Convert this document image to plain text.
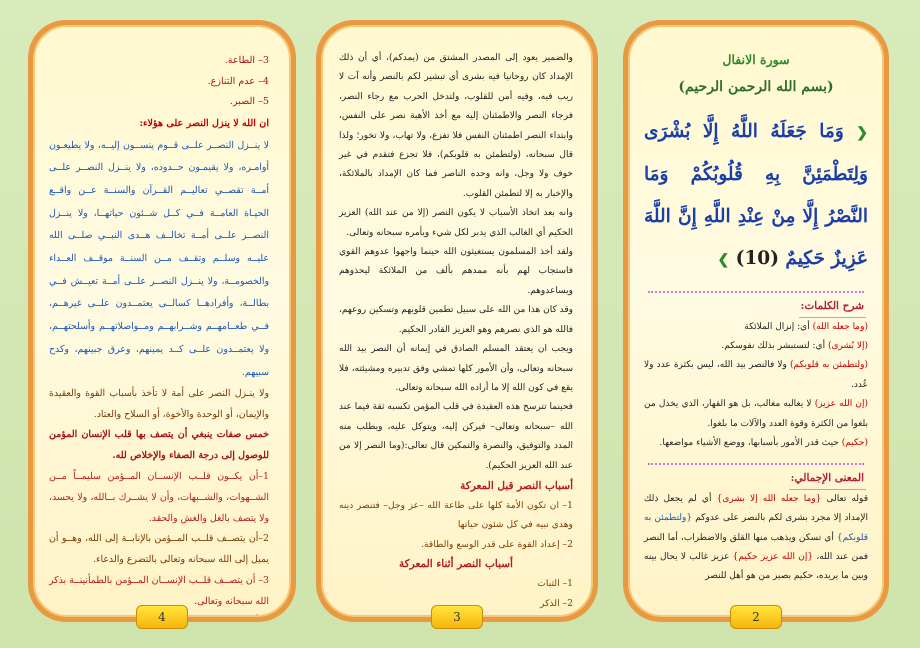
3– الطاعة.

4– عدم التنازع.

5– الصبر.

ان الله لا ينزل النصر على هؤلاء:

لا ينــزل النصــر علــى قــوم ينســون إليــه، ولا يطيعـون أوامـره، ولا يقيمـون حــدوده، ولا ينــزل النصــر علــى أمــة تقصــي تعاليــم القــرآن والسنــة عــن واقــع الحيـاة العامــة فــي كــل شــئون حياتهــا، ولا ينــزل النصــر علــى أمــة تخالــف هــدى النبــي صلــى الله عليــه وسلــم وتقــف مــن السنــة موقــف العــداء والخصومــة، ولا ينــزل النصــر علــى أمــة تعيــش فــي بطالــة، وأفرادهــا كسالــى يعتمــدون علــى غيرهــم، فــي طعــامهــم وشــرابهــم ومــواصلاتهــم وأسلحتهــم، ولا يعتمــدون علــى كــد يمينهم، وعرق جبينهم، وكدح سبيهم.

ولا ينـزل النصر على أمة لا تأخذ بأسباب القوة والعقيدة والإيمان، أو الوحدة والأخوة، أو السلاح والعتاد.

خمس صفات ينبغي أن يتصف بها قلب الإنسان المؤمن للوصول إلى درجة الصفاء والإخلاص لله.

1–أن يكــون قلــب الإنســان المــؤمن سليمــاً مــن الشــهوات، والشــبهات، وأن لا يشــرك بــالله، ولا يحسد، ولا يتصف بالغل والغش والحقد.

2–أن يتصــف قلــب المــؤمن بالإنابــة إلى الله، وهــو أن يميل إلى الله سبحانه وتعالى بالتضرع والدعاء.

3– أن يتصــف قلــب الإنســان المــؤمن بالطمأنينــة بذكر الله سبحانه وتعالى.

4

والضمير يعود إلى المصدر المشتق من (يمدكم)، أي أن ذلك الإمداد كان روحانيا فيه بشرى أي تبشير لكم بالنصر وأنه آت لا ريب فيه، وفيه أمن للقلوب، ولتدخل الحرب مع رجاء النصر، فرجاء النصر والاطمئنان إليه مع أخذ الأهبة نصر على النفس، وابتداء النصر اطمئنان النفس فلا تفزع، ولا تهاب، ولا تخور؛ ولذا قال سبحانه، (ولتطمئن به قلوبكم)، فلا تجزع فتقدم في غير خوف ولا وجل، وانه وحده الناصر فما كان الإمداد بالملائكة، والإخبار به إلا لتطمئن القلوب.

وانه بعد اتخاذ الأسباب لا يكون النصر (إلا من عند الله) العزيز الحكيم أي الغالب الذي يدبر لكل شيء ويأمره سبحانه وتعالى.

ولقد أخذ المسلمون يستغيثون الله حينما واجهوا عدوهم القوي فاستجاب لهم بأنه ممدهم بألف من الملائكة ليحذوهم ويساعدوهم.

وقد كان هذا من الله على سبيل تطمين قلوبهم وتسكين روعهم، فالله هو الذي نصرهم وهو العزيز القادر الحكيم.

ويجب ان يعتقد المسلم الصادق في إيمانه أن النصر بيد الله سبحانه وتعالى، وأن الأمور كلها تمشي وفق تدبيره ومشيئته، فلا يقع في كون الله إلا ما أراده الله سبحانه وتعالى.

فحينما تترسخ هذه العقيدة في قلب المؤمن تكسبه ثقة فيما عند الله –سبحانه وتعالى– فيركن إليه، ويتوكل عليه، ويطلب منه المدد والتوفيق، والنصرة والتمكين قال تعالى:(وما النصر إلا من عند الله العزيز الحكيم).

أسباب النصر قبل المعركة

1– ان تكون الأمة كلها على طاعة الله –عز وجل– فتنصر دينه وهدي نبيه في كل شئون حياتها

2– إعداد القوة على قدر الوسع والطاقة.

أسباب النصر أثناء المعركة

1– الثبات

2– الذكر

3
سورة الانفال
(بسم الله الرحمن الرحيم)
❮ وَمَا جَعَلَهُ اللَّهُ إِلَّا بُشْرَى وَلِتَطْمَئِنَّ بِهِ قُلُوبُكُمْ وَمَا النَّصْرُ إِلَّا مِنْ عِنْدِ اللَّهِ إِنَّ اللَّهَ عَزِيزٌ حَكِيمٌ (10) ❯
شرح الكلمات:
(وما جعله الله) أي: إنزال الملائكة
(إلا بُشرى) أي: لتستبشر بذلك نفوسكم.
(ولتطمئن به قلوبكم) ولا فالنصر بيد الله، ليس بكثرة عدد ولا عُدد.
(إن الله عزيز) لا يغالبه مغالب، بل هو القهار، الذي يخذل من بلغوا من الكثرة وقوة العدد والآلات ما بلغوا.
(حكيم) حيث قدر الأمور بأسبابها، ووضع الأشياء مواضعها.
المعنى الإجمالي:
قوله تعالى {وما جعله الله إلا بشرى} أي لم يجعل ذلك الإمداد إلا مجرد بشرى لكم بالنصر على عدوكم {ولتطمئن به قلوبكم} أي تسكن ويذهب منها القلق والاضطراب، أما النصر فمن عند الله، {إن الله عزيز حكيم} عزيز غالب لا يحال بينه وبين ما يريده، حكيم بصير من هو أهل للنصر
2
